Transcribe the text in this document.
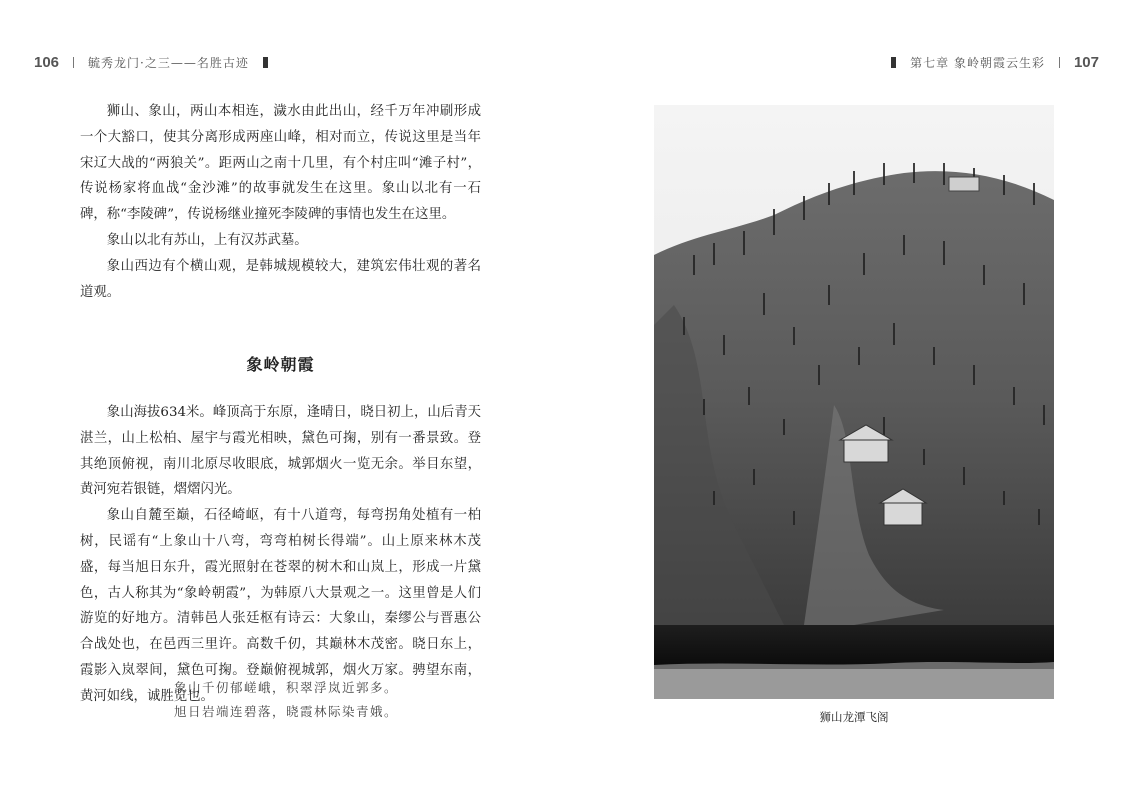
106 毓秀龙门·之三——名胜古迹

狮山、象山，两山本相连，濊水由此出山，经千万年冲刷形成一个大豁口，使其分离形成两座山峰，相对而立，传说这里是当年宋辽大战的“两狼关”。距两山之南十几里，有个村庄叫“滩子村”，传说杨家将血战“金沙滩”的故事就发生在这里。象山以北有一石碑，称“李陵碑”，传说杨继业撞死李陵碑的事情也发生在这里。

象山以北有苏山，上有汉苏武墓。

象山西边有个横山观，是韩城规模较大，建筑宏伟壮观的著名道观。

象岭朝霞

象山海拔634米。峰顶高于东原，逢晴日，晓日初上，山后青天湛兰，山上松柏、屋宇与霞光相映，黛色可掬，别有一番景致。登其绝顶俯视，南川北原尽收眼底，城郭烟火一览无余。举目东望，黄河宛若银链，熠熠闪光。

象山自麓至巅，石径崎岖，有十八道弯，每弯拐角处植有一柏树，民谣有“上象山十八弯，弯弯柏树长得端”。山上原来林木茂盛，每当旭日东升，霞光照射在苍翠的树木和山岚上，形成一片黛色，古人称其为“象岭朝霞”，为韩原八大景观之一。这里曾是人们游览的好地方。清韩邑人张廷枢有诗云：大象山，秦缪公与晋惠公合战处也，在邑西三里许。高数千仞，其巅林木茂密。晓日东上，霞影入岚翠间，黛色可掬。登巅俯视城郭，烟火万家。骋望东南，黄河如线，诚胜览也。

象山千仞郁嵯峨，积翠浮岚近郭多。
旭日岩端连碧落，晓霞林际染青娥。
第七章 象岭朝霞云生彩 107
狮山龙潭飞阁
